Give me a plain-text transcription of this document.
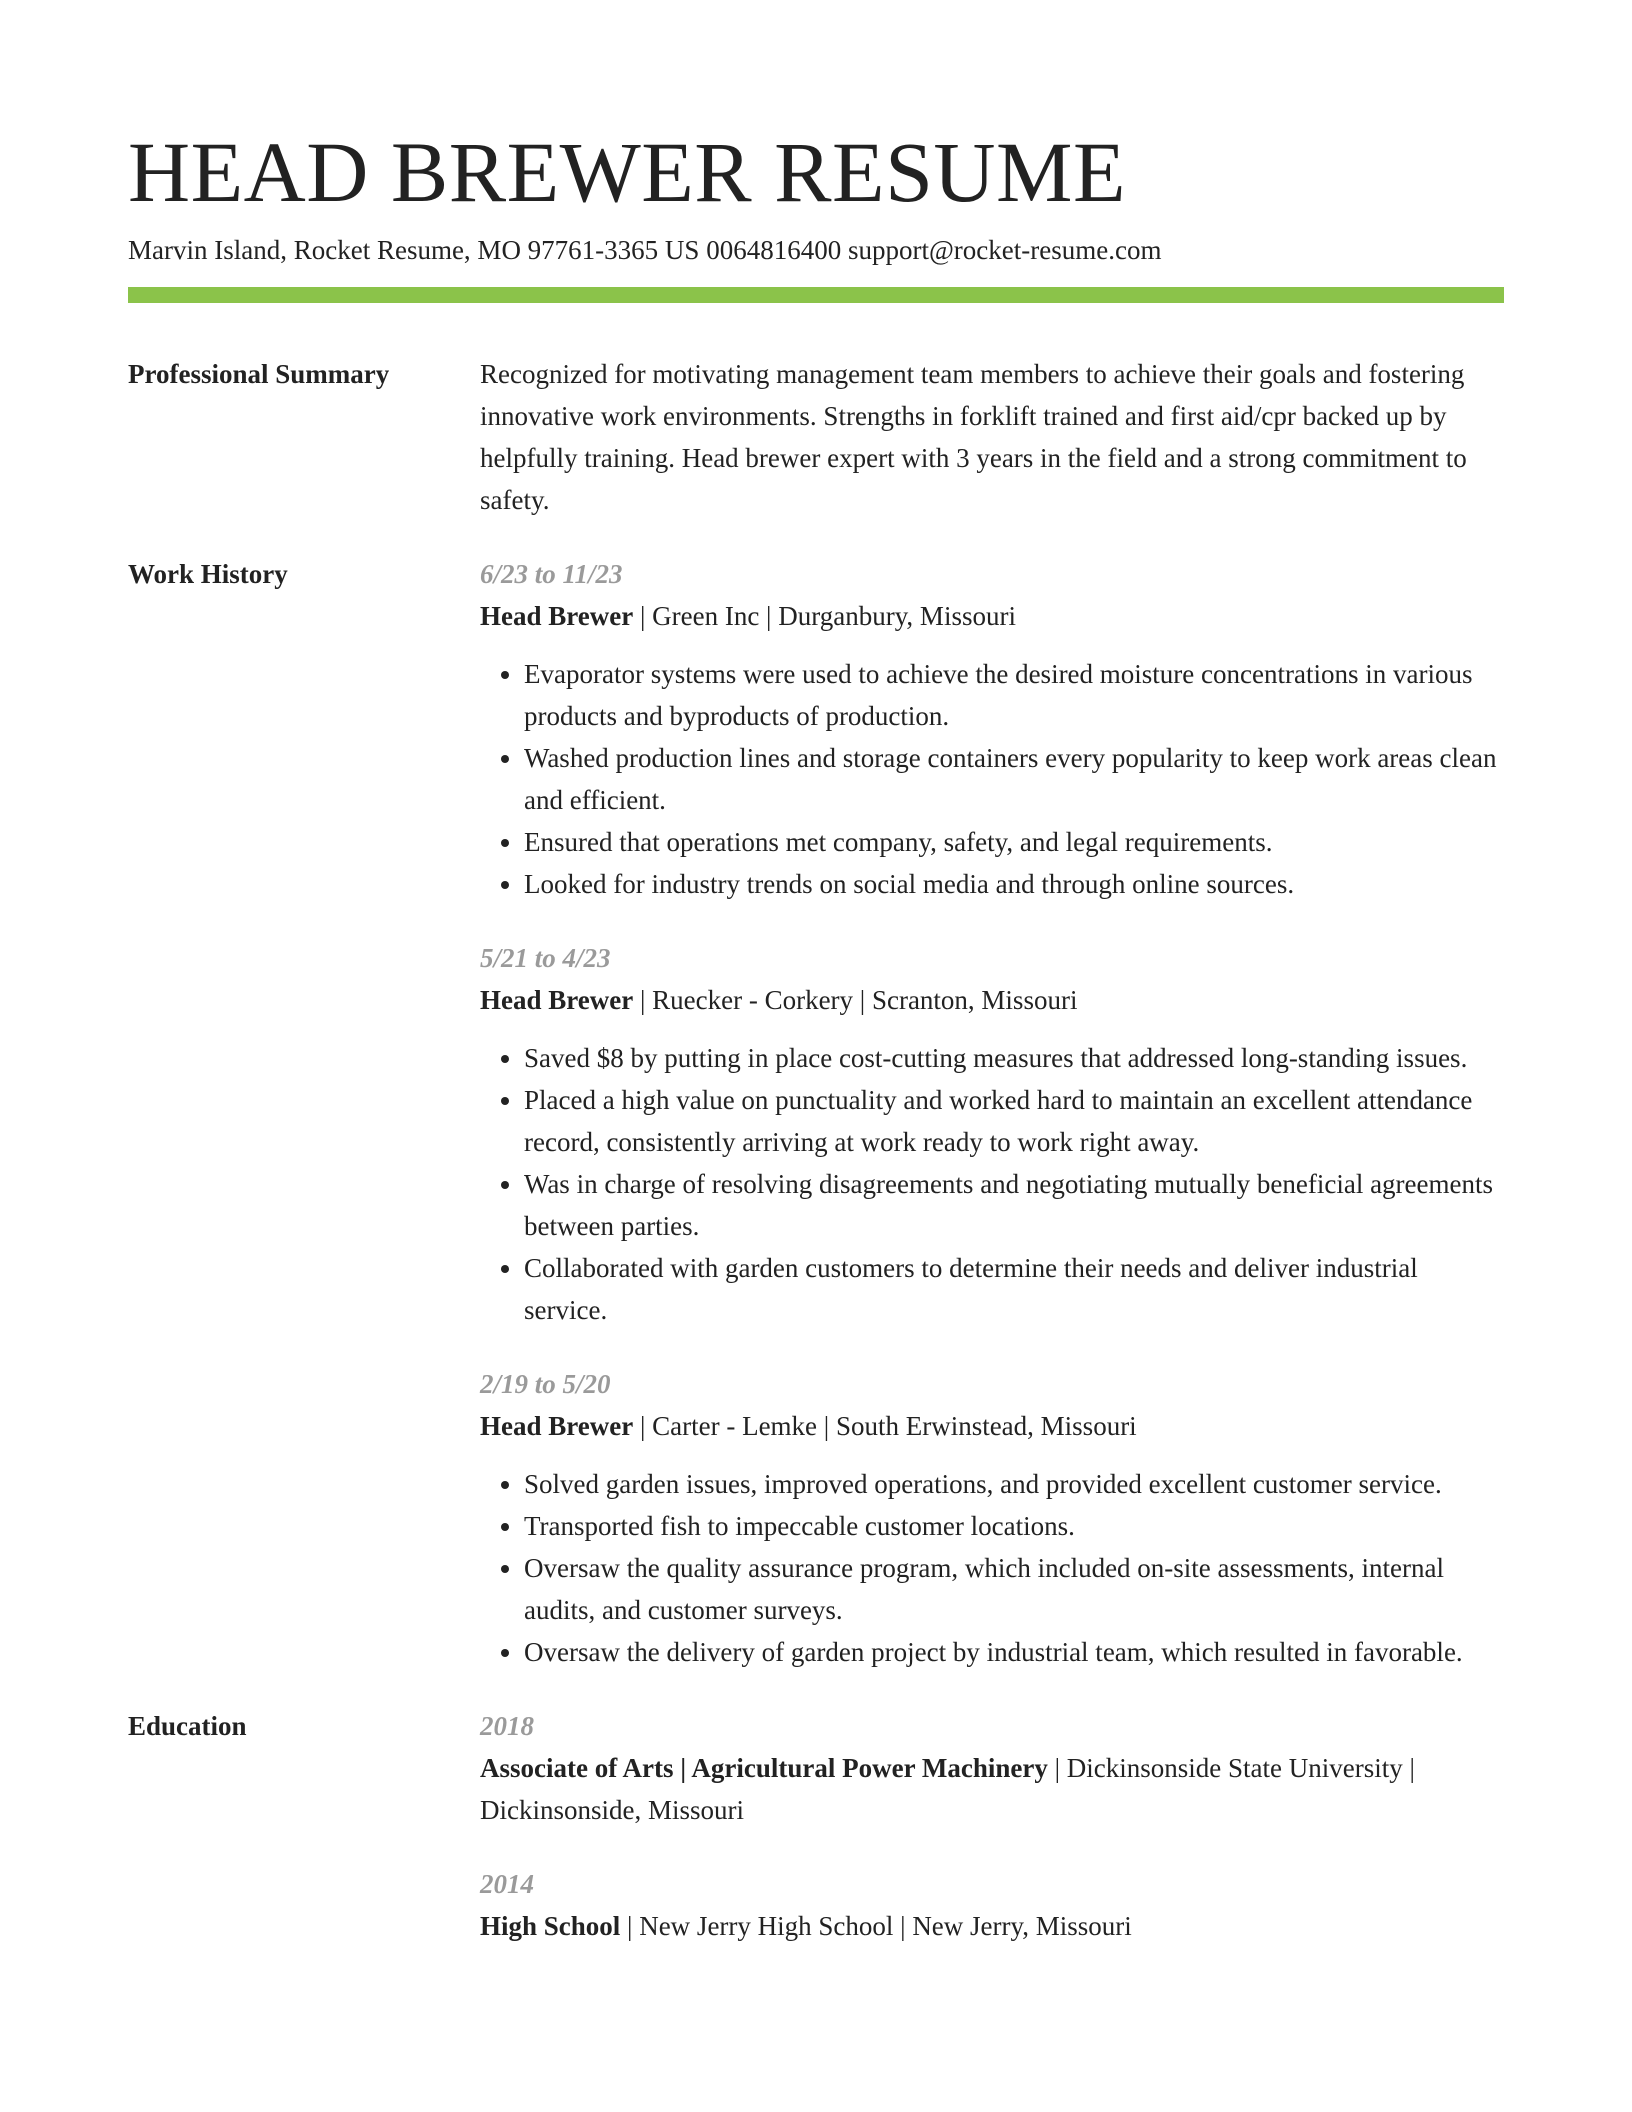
HEAD BREWER RESUME
Marvin Island, Rocket Resume, MO 97761-3365 US 0064816400 support@rocket-resume.com
Professional Summary	Recognized for motivating management team members to achieve their goals and fostering innovative work environments. Strengths in forklift trained and first aid/cpr backed up by helpfully training. Head brewer expert with 3 years in the field and a strong commitment to safety.

Work History	6/23 to 11/23
Head Brewer | Green Inc | Durganbury, Missouri
• Evaporator systems were used to achieve the desired moisture concentrations in various products and byproducts of production.
• Washed production lines and storage containers every popularity to keep work areas clean and efficient.
• Ensured that operations met company, safety, and legal requirements.
• Looked for industry trends on social media and through online sources.
5/21 to 4/23
Head Brewer | Ruecker - Corkery | Scranton, Missouri
• Saved $8 by putting in place cost-cutting measures that addressed long-standing issues.
• Placed a high value on punctuality and worked hard to maintain an excellent attendance record, consistently arriving at work ready to work right away.
• Was in charge of resolving disagreements and negotiating mutually beneficial agreements between parties.
• Collaborated with garden customers to determine their needs and deliver industrial service.
2/19 to 5/20
Head Brewer | Carter - Lemke | South Erwinstead, Missouri
• Solved garden issues, improved operations, and provided excellent customer service.
• Transported fish to impeccable customer locations.
• Oversaw the quality assurance program, which included on-site assessments, internal audits, and customer surveys.
• Oversaw the delivery of garden project by industrial team, which resulted in favorable.
Education	2018
Associate of Arts | Agricultural Power Machinery | Dickinsonside State University | Dickinsonside, Missouri
2014
High School | New Jerry High School | New Jerry, Missouri
